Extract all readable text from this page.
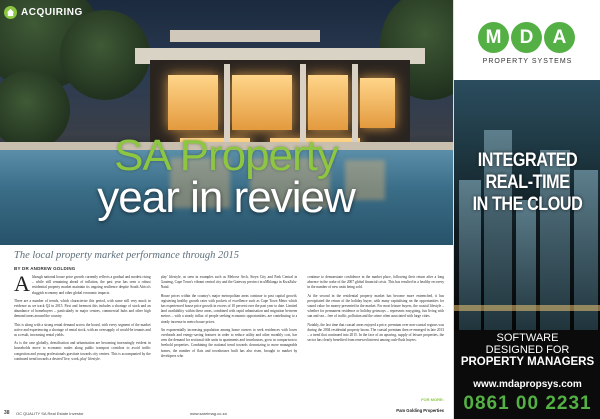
ACQUIRING
SA Property
year in review
The local property market performance through 2015
BY DR ANDREW GOLDING

Although national house price growth currently reflects a gradual and modest rising – while still remaining ahead of inflation, the past year has seen a robust residential property market maintain its ongoing resilience despite South Africa's sluggish economy and other global economic impacts.

There are a number of trends, which characterise this period, with some still very much in evidence as we track Q2 in 2015. First and foremost this includes a shortage of stock and an abundance of homebuyers – particularly in major centres, commercial hubs and other high demand areas around the country.

This is along with a strong rental demand across the board, with every segment of the market active and experiencing a shortage of rental stock, with an oversupply of would-be tenants and as a result, increasing rental yields.

As is the case globally, densification and urbanisation are becoming increasingly evident in households move to economic nodes along public transport corridors to avoid traffic congestion and young professionals gravitate towards city centres. This is accompanied by the continued trend towards a desired 'live, work, play' lifestyle.

play' lifestyle, as seen in examples such as Melrose Arch, Steyn City and Park Central in Gauteng, Cape Town's vibrant central city and the Gateway precinct in uMhlanga in KwaZulu-Natal.

House prices within the country's major metropolitan areas continue to post capital growth, registering healthy growth rates with pockets of excellence such as Cape Town Metro which has experienced house price growth in excess of 10 percent over the past year to date. Limited land availability within these areas, combined with rapid urbanisation and migration between metros – with a steady influx of people seeking economic opportunities, are contributing to a steady increase in metro house prices.

An exponentially increasing population among home owners to seek residences with lower overheads and energy-saving features in order to reduce utility and other monthly cost, has seen the demand for sectional title units in apartments and townhouses, grow in comparison to freehold properties. Combining the national trend towards downsizing to more manageable homes, the number of flats and townhouses built has also risen, brought to market by developers who

continue to demonstrate confidence in the market place, following their return after a long absence in the wake of the 2007 global financial crisis. This has resulted in a healthy recovery in the number of new units being sold.

At the second in the residential property market has become more entrenched, it has precipitated the return of the holiday buyer, with many capitalising on the opportunities for sound value for money presented in the market. For most leisure buyers, the coastal lifestyle – whether for permanent residence or holiday getaways – represents easygoing, fun living with sun and sea – free of traffic, pollution and the crime often associated with large cities.

Notably, the last time that coastal areas enjoyed a price, premium over non-coastal regions was during the 2004 residential property boom. The coastal premium then re-emerged in late 2013 – a trend that continued into 2015. In the face of an upswing, supply of leisure properties, the sector has clearly benefited from renewed interest among cash-flush buyers.

FOR MORE:
Pam Golding Properties
38 OC QUALITY SA Real Estate Investor	www.sareimag.co.za
M D	A
PROPERTY SYSTEMS
INTEGRATED
REAL-TIME
IN THE CLOUD
SOFTWARE
DESIGNED FOR
PROPERTY MANAGERS
www.mdapropsys.com
0861 00 2231
